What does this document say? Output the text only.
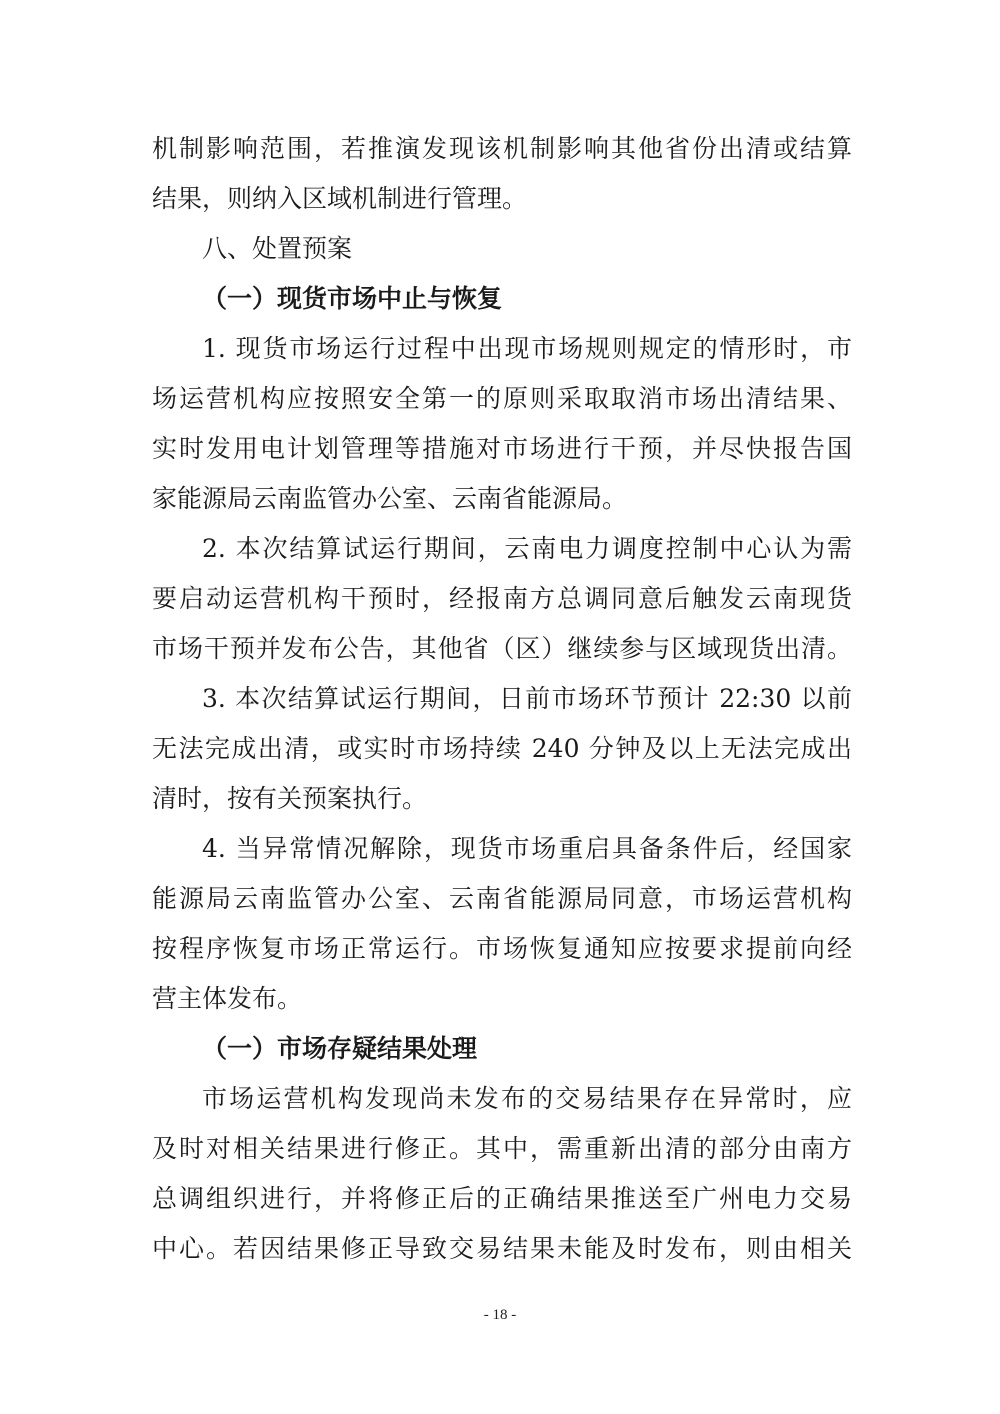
机制影响范围，若推演发现该机制影响其他省份出清或结算
结果，则纳入区域机制进行管理。
八、处置预案
（一）现货市场中止与恢复
1. 现货市场运行过程中出现市场规则规定的情形时，市
场运营机构应按照安全第一的原则采取取消市场出清结果、
实时发用电计划管理等措施对市场进行干预，并尽快报告国
家能源局云南监管办公室、云南省能源局。
2. 本次结算试运行期间，云南电力调度控制中心认为需
要启动运营机构干预时，经报南方总调同意后触发云南现货
市场干预并发布公告，其他省（区）继续参与区域现货出清。
3. 本次结算试运行期间，日前市场环节预计 22:30 以前
无法完成出清，或实时市场持续 240 分钟及以上无法完成出
清时，按有关预案执行。
4. 当异常情况解除，现货市场重启具备条件后，经国家
能源局云南监管办公室、云南省能源局同意，市场运营机构
按程序恢复市场正常运行。市场恢复通知应按要求提前向经
营主体发布。
（一）市场存疑结果处理
市场运营机构发现尚未发布的交易结果存在异常时，应
及时对相关结果进行修正。其中，需重新出清的部分由南方
总调组织进行，并将修正后的正确结果推送至广州电力交易
中心。若因结果修正导致交易结果未能及时发布，则由相关
- 18 -
